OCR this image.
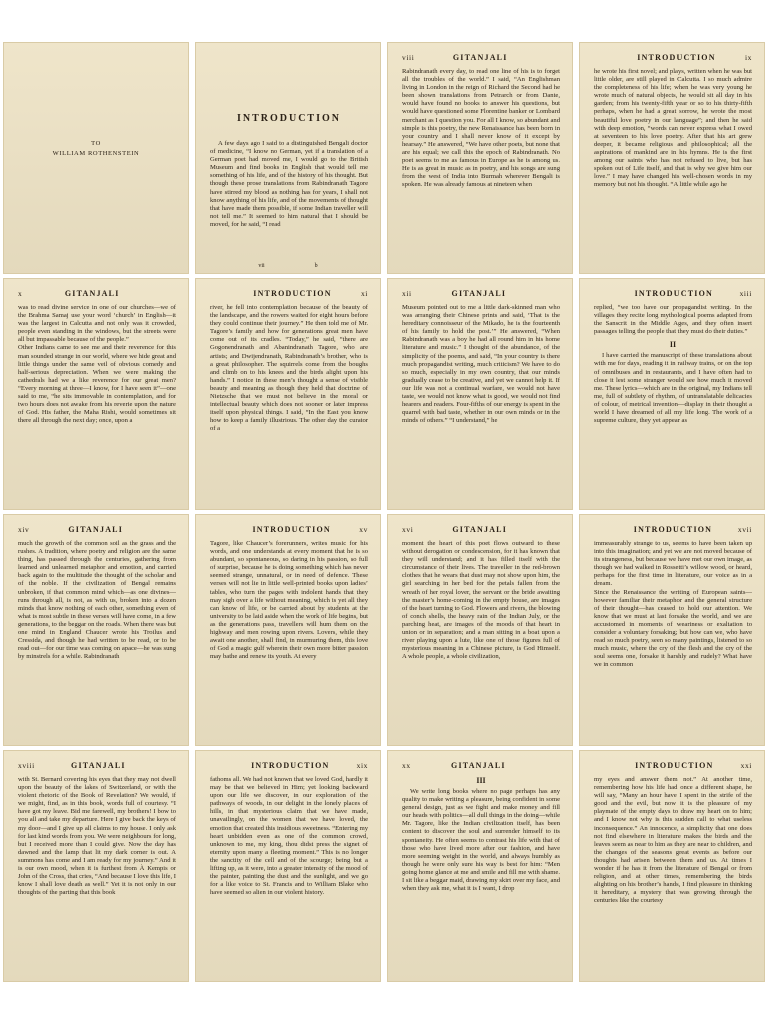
TO
WILLIAM ROTHENSTEIN
INTRODUCTION
A few days ago I said to a distinguished Bengali doctor of medicine, “I know no German, yet if a translation of a German poet had moved me, I would go to the British Museum and find books in English that would tell me something of his life, and of the history of his thought. But though these prose translations from Rabindranath Tagore have stirred my blood as nothing has for years, I shall not know anything of his life, and of the movements of thought that have made them possible, if some Indian traveller will not tell me.” It seemed to him natural that I should be moved, for he said, “I read
vii	b
viii	GITANJALI
Rabindranath every day, to read one line of his is to forget all the troubles of the world.” I said, “An Englishman living in London in the reign of Richard the Second had he been shown translations from Petrarch or from Dante, would have found no books to answer his questions, but would have questioned some Florentine banker or Lombard merchant as I question you. For all I know, so abundant and simple is this poetry, the new Renaissance has been born in your country and I shall never know of it except by hearsay.” He answered, “We have other poets, but none that are his equal; we call this the epoch of Rabindranath. No poet seems to me as famous in Europe as he is among us. He is as great in music as in poetry, and his songs are sung from the west of India into Burmah wherever Bengali is spoken. He was already famous at nineteen when
INTRODUCTION	ix
he wrote his first novel; and plays, written when he was but little older, are still played in Calcutta. I so much admire the completeness of his life; when he was very young he wrote much of natural objects, he would sit all day in his garden; from his twenty-fifth year or so to his thirty-fifth perhaps, when he had a great sorrow, he wrote the most beautiful love poetry in our language”; and then he said with deep emotion, “words can never express what I owed at seventeen to his love poetry. After that his art grew deeper, it became religious and philosophical; all the aspirations of mankind are in his hymns. He is the first among our saints who has not refused to live, but has spoken out of Life itself, and that is why we give him our love.” I may have changed his well-chosen words in my memory but not his thought. “A little while ago he
x	GITANJALI
was to read divine service in one of our churches—we of the Brahma Samaj use your word ‘church’ in English—it was the largest in Calcutta and not only was it crowded, people even standing in the windows, but the streets were all but impassable because of the people.”
Other Indians came to see me and their reverence for this man sounded strange in our world, where we hide great and little things under the same veil of obvious comedy and half-serious depreciation. When we were making the cathedrals had we a like reverence for our great men? “Every morning at three—I know, for I have seen it”—one said to me, “he sits immovable in contemplation, and for two hours does not awake from his reverie upon the nature of God. His father, the Maha Rishi, would sometimes sit there all through the next day; once, upon a
INTRODUCTION	xi
river, he fell into contemplation because of the beauty of the landscape, and the rowers waited for eight hours before they could continue their journey.” He then told me of Mr. Tagore’s family and how for generations great men have come out of its cradles. “Today,” he said, “there are Gogonendranath and Abanindranath Tagore, who are artists; and Dwijendranath, Rabindranath’s brother, who is a great philosopher. The squirrels come from the boughs and climb on to his knees and the birds alight upon his hands.” I notice in these men’s thought a sense of visible beauty and meaning as though they held that doctrine of Nietzsche that we must not believe in the moral or intellectual beauty which does not sooner or later impress itself upon physical things. I said, “In the East you know how to keep a family illustrious. The other day the curator of a
xii	GITANJALI
Museum pointed out to me a little dark-skinned man who was arranging their Chinese prints and said, ‘That is the hereditary connoisseur of the Mikado, he is the fourteenth of his family to hold the post.’” He answered, “When Rabindranath was a boy he had all round him in his home literature and music.” I thought of the abundance, of the simplicity of the poems, and said, “In your country is there much propagandist writing, much criticism? We have to do so much, especially in my own country, that our minds gradually cease to be creative, and yet we cannot help it. If our life was not a continual warfare, we would not have taste, we would not know what is good, we would not find hearers and readers. Four-fifths of our energy is spent in the quarrel with bad taste, whether in our own minds or in the minds of others.” “I understand,” he
INTRODUCTION	xiii
replied, “we too have our propagandist writing. In the villages they recite long mythological poems adapted from the Sanscrit in the Middle Ages, and they often insert passages telling the people that they must do their duties.”
II
I have carried the manuscript of these translations about with me for days, reading it in railway trains, or on the top of omnibuses and in restaurants, and I have often had to close it lest some stranger would see how much it moved me. These lyrics—which are in the original, my Indians tell me, full of subtlety of rhythm, of untranslatable delicacies of colour, of metrical invention—display in their thought a world I have dreamed of all my life long. The work of a supreme culture, they yet appear as
xiv	GITANJALI
much the growth of the common soil as the grass and the rushes. A tradition, where poetry and religion are the same thing, has passed through the centuries, gathering from learned and unlearned metaphor and emotion, and carried back again to the multitude the thought of the scholar and of the noble. If the civilization of Bengal remains unbroken, if that common mind which—as one divines—runs through all, is not, as with us, broken into a dozen minds that know nothing of each other, something even of what is most subtle in these verses will have come, in a few generations, to the beggar on the roads. When there was but one mind in England Chaucer wrote his Troilus and Cressida, and though he had written to be read, or to be read out—for our time was coming on apace—he was sung by minstrels for a while. Rabindranath
INTRODUCTION	xv
Tagore, like Chaucer’s forerunners, writes music for his words, and one understands at every moment that he is so abundant, so spontaneous, so daring in his passion, so full of surprise, because he is doing something which has never seemed strange, unnatural, or in need of defence. These verses will not lie in little well-printed books upon ladies’ tables, who turn the pages with indolent hands that they may sigh over a life without meaning, which is yet all they can know of life, or be carried about by students at the university to be laid aside when the work of life begins, but as the generations pass, travellers will hum them on the highway and men rowing upon rivers. Lovers, while they await one another, shall find, in murmuring them, this love of God a magic gulf wherein their own more bitter passion may bathe and renew its youth. At every
xvi	GITANJALI
moment the heart of this poet flows outward to these without derogation or condescension, for it has known that they will understand; and it has filled itself with the circumstance of their lives. The traveller in the red-brown clothes that he wears that dust may not show upon him, the girl searching in her bed for the petals fallen from the wreath of her royal lover, the servant or the bride awaiting the master’s home-coming in the empty house, are images of the heart turning to God. Flowers and rivers, the blowing of conch shells, the heavy rain of the Indian July, or the parching heat, are images of the moods of that heart in union or in separation; and a man sitting in a boat upon a river playing upon a lute, like one of those figures full of mysterious meaning in a Chinese picture, is God Himself. A whole people, a whole civilization,
INTRODUCTION	xvii
immeasurably strange to us, seems to have been taken up into this imagination; and yet we are not moved because of its strangeness, but because we have met our own image, as though we had walked in Rossetti’s willow wood, or heard, perhaps for the first time in literature, our voice as in a dream.
Since the Renaissance the writing of European saints—however familiar their metaphor and the general structure of their thought—has ceased to hold our attention. We know that we must at last forsake the world, and we are accustomed in moments of weariness or exaltation to consider a voluntary forsaking; but how can we, who have read so much poetry, seen so many paintings, listened to so much music, where the cry of the flesh and the cry of the soul seems one, forsake it harshly and rudely? What have we in common
xviii	GITANJALI
with St. Bernard covering his eyes that they may not dwell upon the beauty of the lakes of Switzerland, or with the violent rhetoric of the Book of Revelation? We would, if we might, find, as in this book, words full of courtesy. “I have got my leave. Bid me farewell, my brothers! I bow to you all and take my departure. Here I give back the keys of my door—and I give up all claims to my house. I only ask for last kind words from you. We were neighbours for long, but I received more than I could give. Now the day has dawned and the lamp that lit my dark corner is out. A summons has come and I am ready for my journey.” And it is our own mood, when it is furthest from À Kempis or John of the Cross, that cries, “And because I love this life, I know I shall love death as well.” Yet it is not only in our thoughts of the parting that this book
INTRODUCTION	xix
fathoms all. We had not known that we loved God, hardly it may be that we believed in Him; yet looking backward upon our life we discover, in our exploration of the pathways of woods, in our delight in the lonely places of hills, in that mysterious claim that we have made, unavailingly, on the women that we have loved, the emotion that created this insidious sweetness. “Entering my heart unbidden even as one of the common crowd, unknown to me, my king, thou didst press the signet of eternity upon many a fleeting moment.” This is no longer the sanctity of the cell and of the scourge; being but a lifting up, as it were, into a greater intensity of the mood of the painter, painting the dust and the sunlight, and we go for a like voice to St. Francis and to William Blake who have seemed so alien in our violent history.
xx	GITANJALI
III
We write long books where no page perhaps has any quality to make writing a pleasure, being confident in some general design, just as we fight and make money and fill our heads with politics—all dull things in the doing—while Mr. Tagore, like the Indian civilization itself, has been content to discover the soul and surrender himself to its spontaneity. He often seems to contrast his life with that of those who have lived more after our fashion, and have more seeming weight in the world, and always humbly as though he were only sure his way is best for him: “Men going home glance at me and smile and fill me with shame. I sit like a beggar maid, drawing my skirt over my face, and when they ask me, what it is I want, I drop
INTRODUCTION	xxi
my eyes and answer them not.” At another time, remembering how his life had once a different shape, he will say, “Many an hour have I spent in the strife of the good and the evil, but now it is the pleasure of my playmate of the empty days to draw my heart on to him; and I know not why is this sudden call to what useless inconsequence.” An innocence, a simplicity that one does not find elsewhere in literature makes the birds and the leaves seem as near to him as they are near to children, and the changes of the seasons great events as before our thoughts had arisen between them and us. At times I wonder if he has it from the literature of Bengal or from religion, and at other times, remembering the birds alighting on his brother’s hands, I find pleasure in thinking it hereditary, a mystery that was growing through the centuries like the courtesy
